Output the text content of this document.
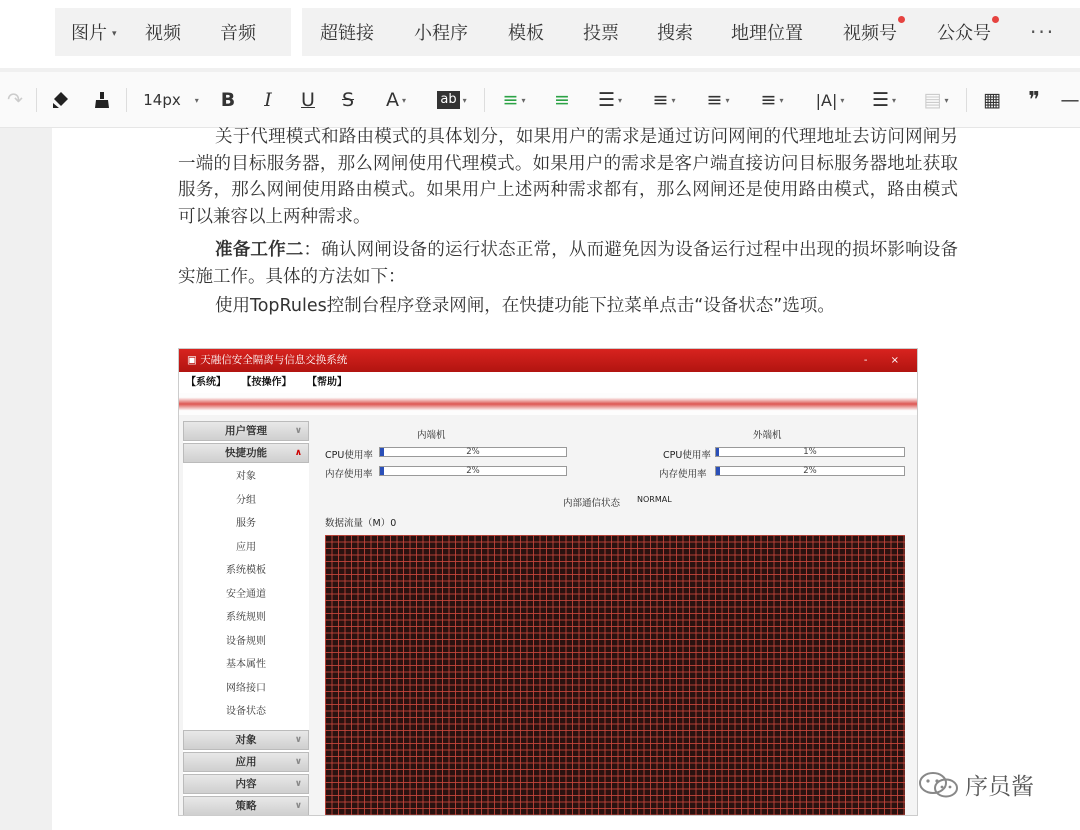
图片 ▾ 视频 音频	超链接 小程序 模板 投票 搜索 地理位置 视频号 公众号 ···
↷	14px ▾ B	I	U	S	A ▾	ab ▾ ≡ ▾	≡	☰ ▾ ≡ ▾ ≡ ▾ ≡ ▾ |A| ▾ ☰ ▾ ▤ ▾ ▦	❞	—
关于代理模式和路由模式的具体划分，如果用户的需求是通过访问网闸的代理地址去访问网闸另一端的目标服务器，那么网闸使用代理模式。如果用户的需求是客户端直接访问目标服务器地址获取服务，那么网闸使用路由模式。如果用户上述两种需求都有，那么网闸还是使用路由模式，路由模式可以兼容以上两种需求。
准备工作二：确认网闸设备的运行状态正常，从而避免因为设备运行过程中出现的损坏影响设备实施工作。具体的方法如下：
使用TopRules控制台程序登录网闸，在快捷功能下拉菜单点击“设备状态”选项。
▣ 天融信安全隔离与信息交换系统	- ×
【系统】 【按操作】 【帮助】
用户管理	∨
快捷功能	∧
对象
分组
服务
应用
系统模板
安全通道
系统规则
设备规则
基本属性
网络接口
设备状态
对象	∨
应用	∨
内容	∨
策略	∨
内端机	外端机
CPU使用率	2%
内存使用率	2%
CPU使用率	1%
内存使用率	2%
内部通信状态 NORMAL
数据流量（M）0
序员酱
